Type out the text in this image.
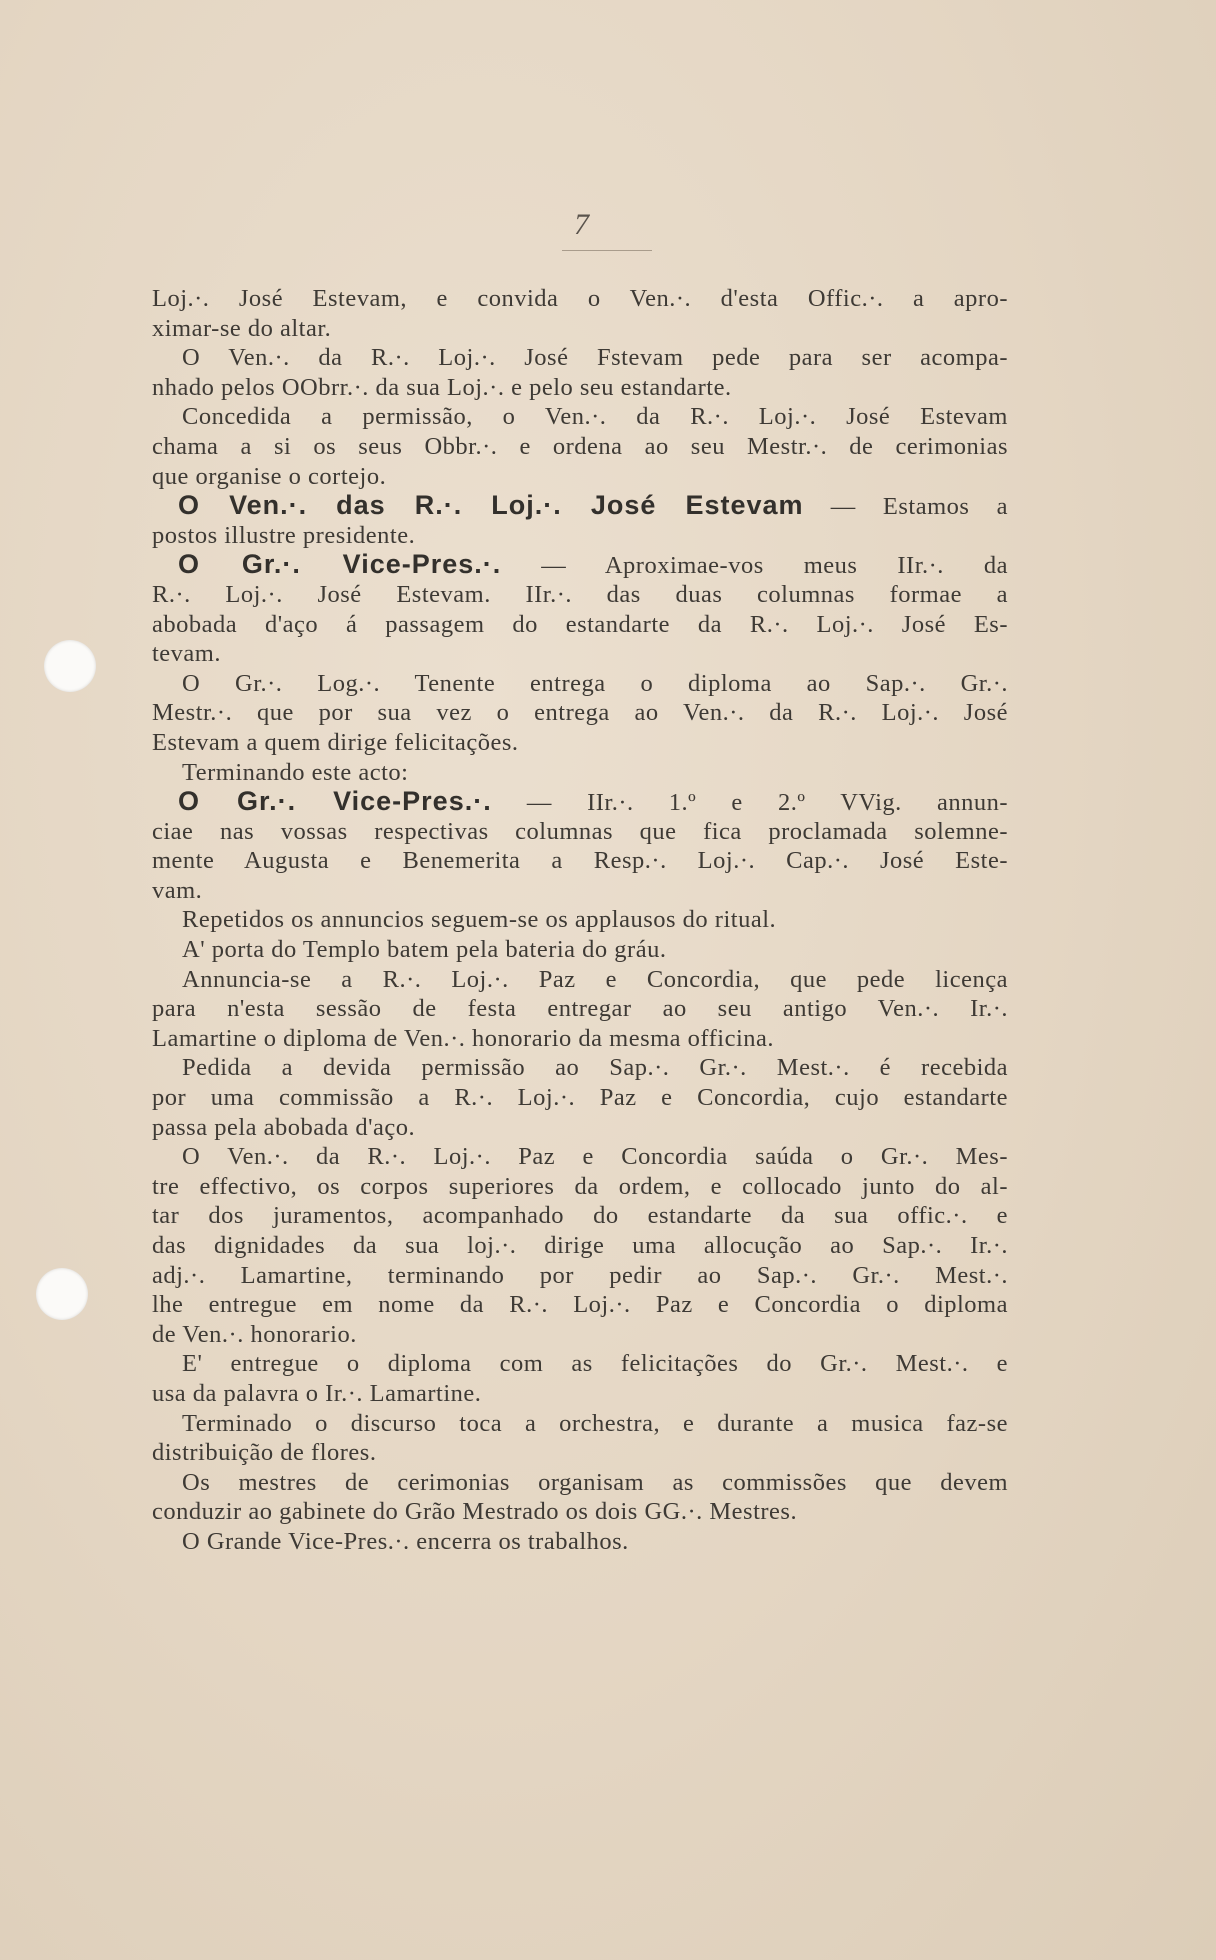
7
Loj.·. José Estevam, e convida o Ven.·. d'esta Offic.·. a apro-
ximar-se do altar.
O Ven.·. da R.·. Loj.·. José Fstevam pede para ser acompa-
nhado pelos OObrr.·. da sua Loj.·. e pelo seu estandarte.
Concedida a permissão, o Ven.·. da R.·. Loj.·. José Estevam
chama a si os seus Obbr.·. e ordena ao seu Mestr.·. de cerimonias
que organise o cortejo.
O Ven.·. das R.·. Loj.·. José Estevam — Estamos a
postos illustre presidente.
O Gr.·. Vice-Pres.·. — Aproximae-vos meus IIr.·. da
R.·. Loj.·. José Estevam. IIr.·. das duas columnas formae a
abobada d'aço á passagem do estandarte da R.·. Loj.·. José Es-
tevam.
O Gr.·. Log.·. Tenente entrega o diploma ao Sap.·. Gr.·.
Mestr.·. que por sua vez o entrega ao Ven.·. da R.·. Loj.·. José
Estevam a quem dirige felicitações.
Terminando este acto:
O Gr.·. Vice-Pres.·. — IIr.·. 1.º e 2.º VVig. annun-
ciae nas vossas respectivas columnas que fica proclamada solemne-
mente Augusta e Benemerita a Resp.·. Loj.·. Cap.·. José Este-
vam.
Repetidos os annuncios seguem-se os applausos do ritual.
A' porta do Templo batem pela bateria do gráu.
Annuncia-se a R.·. Loj.·. Paz e Concordia, que pede licença
para n'esta sessão de festa entregar ao seu antigo Ven.·. Ir.·.
Lamartine o diploma de Ven.·. honorario da mesma officina.
Pedida a devida permissão ao Sap.·. Gr.·. Mest.·. é recebida
por uma commissão a R.·. Loj.·. Paz e Concordia, cujo estandarte
passa pela abobada d'aço.
O Ven.·. da R.·. Loj.·. Paz e Concordia saúda o Gr.·. Mes-
tre effectivo, os corpos superiores da ordem, e collocado junto do al-
tar dos juramentos, acompanhado do estandarte da sua offic.·. e
das dignidades da sua loj.·. dirige uma allocução ao Sap.·. Ir.·.
adj.·. Lamartine, terminando por pedir ao Sap.·. Gr.·. Mest.·.
lhe entregue em nome da R.·. Loj.·. Paz e Concordia o diploma
de Ven.·. honorario.
E' entregue o diploma com as felicitações do Gr.·. Mest.·. e
usa da palavra o Ir.·. Lamartine.
Terminado o discurso toca a orchestra, e durante a musica faz-se
distribuição de flores.
Os mestres de cerimonias organisam as commissões que devem
conduzir ao gabinete do Grão Mestrado os dois GG.·. Mestres.
O Grande Vice-Pres.·. encerra os trabalhos.
